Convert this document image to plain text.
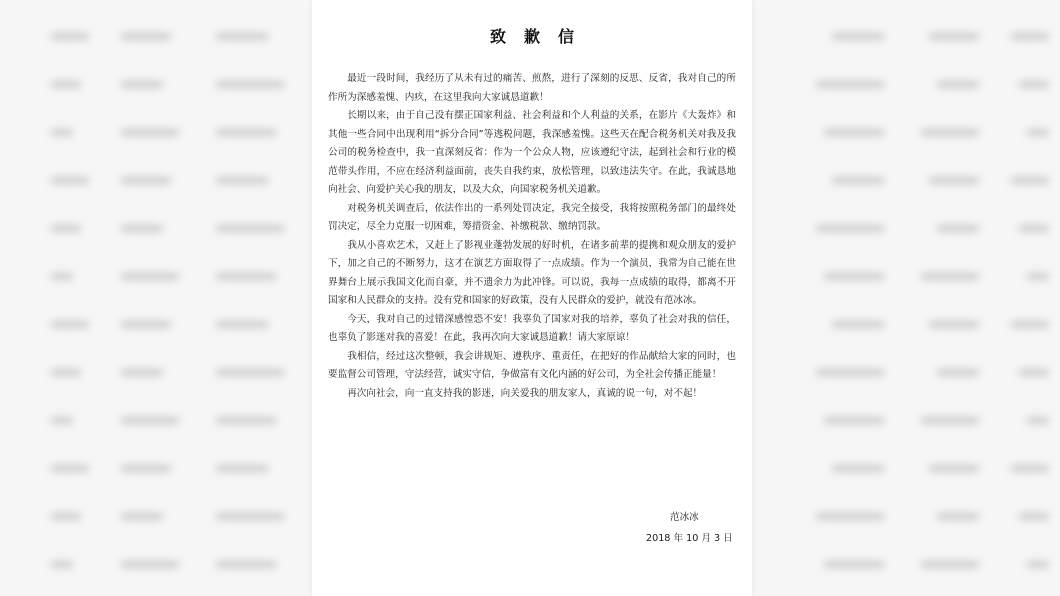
致歉信

最近一段时间，我经历了从未有过的痛苦、煎熬，进行了深刻的反思、反省，我对自己的所作所为深感羞愧、内疚，在这里我向大家诚恳道歉！

长期以来，由于自己没有摆正国家利益、社会利益和个人利益的关系，在影片《大轰炸》和其他一些合同中出现利用“拆分合同”等逃税问题，我深感羞愧。这些天在配合税务机关对我及我公司的税务检查中，我一直深刻反省：作为一个公众人物，应该遵纪守法，起到社会和行业的模范带头作用，不应在经济利益面前，丧失自我约束，放松管理，以致违法失守。在此，我诚恳地向社会、向爱护关心我的朋友，以及大众，向国家税务机关道歉。

对税务机关调查后，依法作出的一系列处罚决定，我完全接受，我将按照税务部门的最终处罚决定，尽全力克服一切困难，筹措资金、补缴税款、缴纳罚款。

我从小喜欢艺术，又赶上了影视业蓬勃发展的好时机，在诸多前辈的提携和观众朋友的爱护下，加之自己的不断努力，这才在演艺方面取得了一点成绩。作为一个演员，我常为自己能在世界舞台上展示我国文化而自豪，并不遗余力为此冲锋。可以说，我每一点成绩的取得，都离不开国家和人民群众的支持。没有党和国家的好政策，没有人民群众的爱护，就没有范冰冰。

今天，我对自己的过错深感惶恐不安！我辜负了国家对我的培养，辜负了社会对我的信任，也辜负了影迷对我的喜爱！在此，我再次向大家诚恳道歉！请大家原谅！

我相信，经过这次整顿，我会讲规矩、遵秩序、重责任，在把好的作品献给大家的同时，也要监督公司管理，守法经营，诚实守信，争做富有文化内涵的好公司，为全社会传播正能量！

再次向社会，向一直支持我的影迷，向关爱我的朋友家人，真诚的说一句，对不起！

范冰冰
2018 年 10 月 3 日
